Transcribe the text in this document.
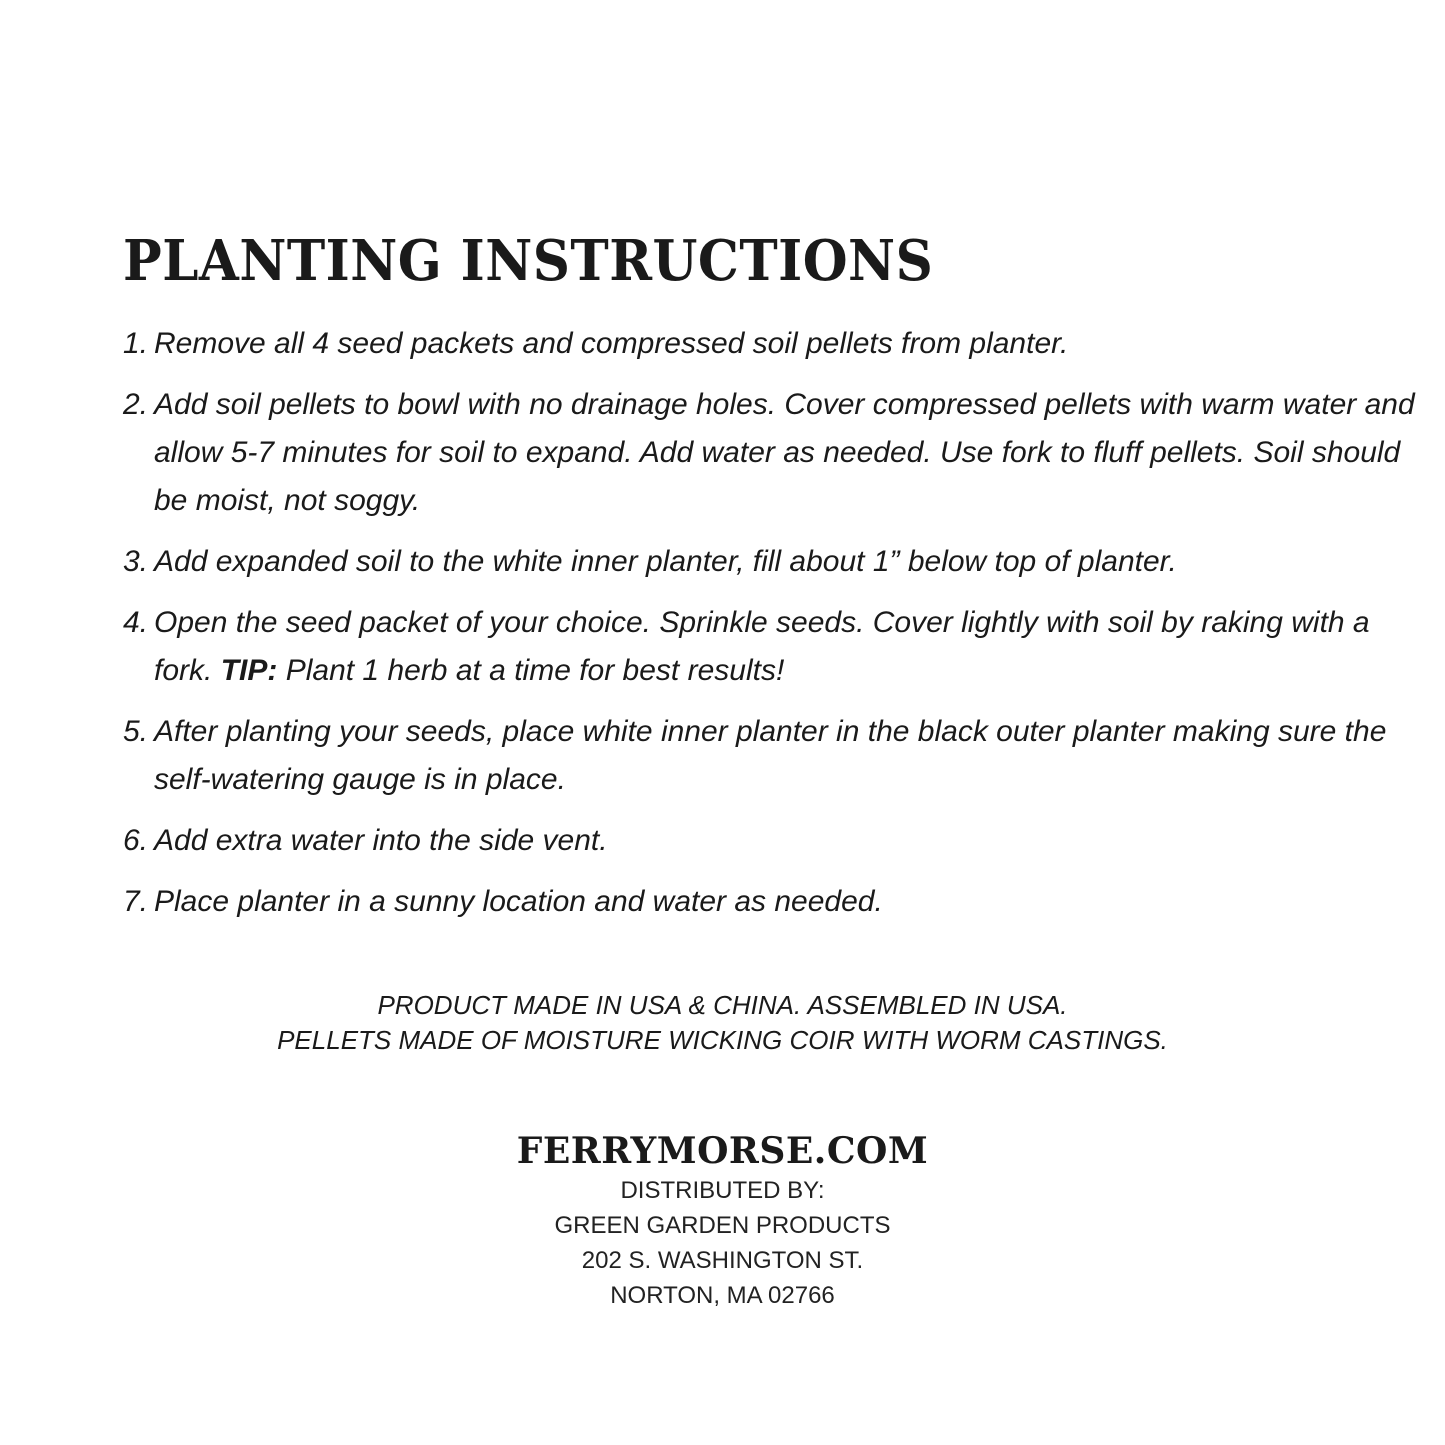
PLANTING INSTRUCTIONS
1. Remove all 4 seed packets and compressed soil pellets from planter.
2. Add soil pellets to bowl with no drainage holes. Cover compressed pellets with warm water and allow 5-7 minutes for soil to expand. Add water as needed. Use fork to fluff pellets. Soil should be moist, not soggy.
3. Add expanded soil to the white inner planter, fill about 1” below top of planter.
4. Open the seed packet of your choice. Sprinkle seeds. Cover lightly with soil by raking with a fork. TIP: Plant 1 herb at a time for best results!
5. After planting your seeds, place white inner planter in the black outer planter making sure the self-watering gauge is in place.
6. Add extra water into the side vent.
7. Place planter in a sunny location and water as needed.
PRODUCT MADE IN USA & CHINA. ASSEMBLED IN USA.
PELLETS MADE OF MOISTURE WICKING COIR WITH WORM CASTINGS.
FERRYMORSE.COM
DISTRIBUTED BY:
GREEN GARDEN PRODUCTS
202 S. WASHINGTON ST.
NORTON, MA 02766
